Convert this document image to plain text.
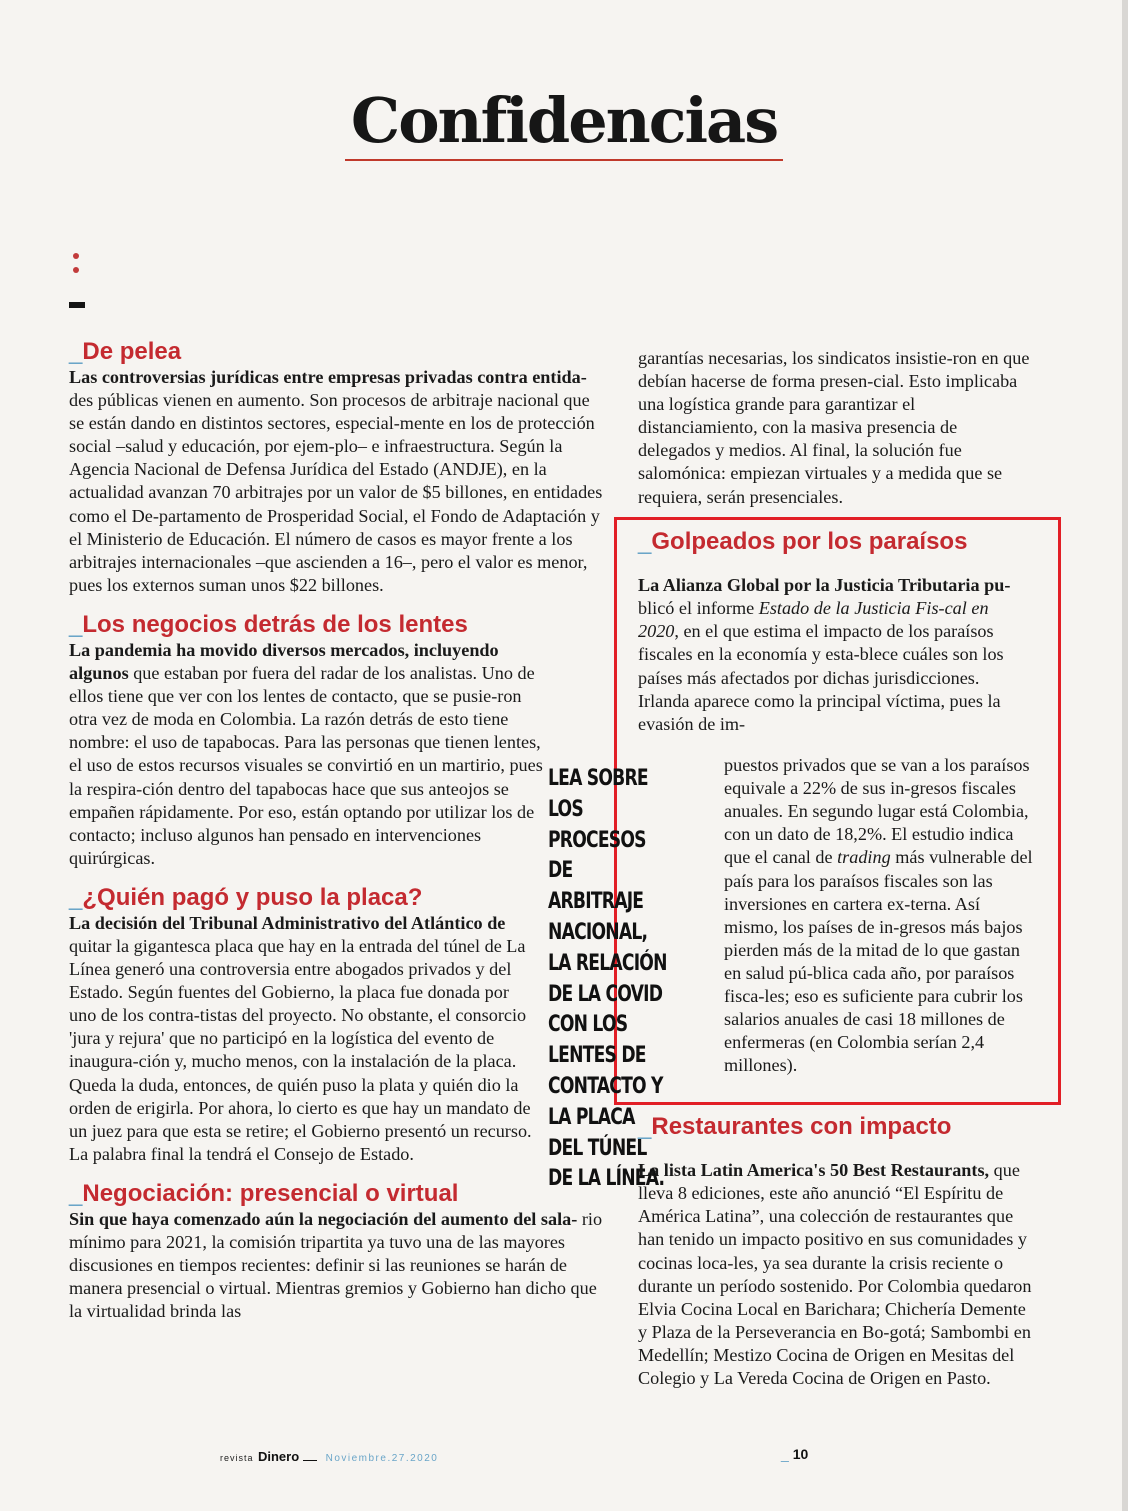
Confidencias
_De pelea

Las controversias jurídicas entre empresas privadas contra entida- des públicas vienen en aumento. Son procesos de arbitraje nacional que se están dando en distintos sectores, especial-mente en los de protección social –salud y educación, por ejem-plo– e infraestructura. Según la Agencia Nacional de Defensa Jurídica del Estado (ANDJE), en la actualidad avanzan 70 arbitrajes por un valor de $5 billones, en entidades como el De-partamento de Prosperidad Social, el Fondo de Adaptación y el Ministerio de Educación. El número de casos es mayor frente a los arbitrajes internacionales –que ascienden a 16–, pero el valor es menor, pues los externos suman unos $22 billones.

_Los negocios detrás de los lentes

La pandemia ha movido diversos mercados, incluyendo algunos que estaban por fuera del radar de los analistas. Uno de ellos tiene que ver con los lentes de contacto, que se pusie-ron otra vez de moda en Colombia. La razón detrás de esto tiene nombre: el uso de tapabocas. Para las personas que tienen lentes, el uso de estos recursos visuales se convirtió en un martirio, pues la respira-ción dentro del tapabocas hace que sus anteojos se empañen rápidamente. Por eso, están optando por utilizar los de contacto; incluso algunos han pensado en intervenciones quirúrgicas.

_¿Quién pagó y puso la placa?

La decisión del Tribunal Administrativo del Atlántico de quitar la gigantesca placa que hay en la entrada del túnel de La Línea generó una controversia entre abogados privados y del Estado. Según fuentes del Gobierno, la placa fue donada por uno de los contra-tistas del proyecto. No obstante, el consorcio 'jura y rejura' que no participó en la logística del evento de inaugura-ción y, mucho menos, con la instalación de la placa. Queda la duda, entonces, de quién puso la plata y quién dio la orden de erigirla. Por ahora, lo cierto es que hay un mandato de un juez para que esta se retire; el Gobierno presentó un recurso. La palabra final la tendrá el Consejo de Estado.

_Negociación: presencial o virtual

Sin que haya comenzado aún la negociación del aumento del sala- rio mínimo para 2021, la comisión tripartita ya tuvo una de las mayores discusiones en tiempos recientes: definir si las reuniones se harán de manera presencial o virtual. Mientras gremios y Gobierno han dicho que la virtualidad brinda las

garantías necesarias, los sindicatos insistie-ron en que debían hacerse de forma presen-cial. Esto implicaba una logística grande para garantizar el distanciamiento, con la masiva presencia de delegados y medios. Al final, la solución fue salomónica: empiezan virtuales y a medida que se requiera, serán presenciales.

_Golpeados por los paraísos

La Alianza Global por la Justicia Tributaria pu- blicó el informe Estado de la Justicia Fis-cal en 2020, en el que estima el impacto de los paraísos fiscales en la economía y esta-blece cuáles son los países más afectados por dichas jurisdicciones. Irlanda aparece como la principal víctima, pues la evasión de im-

puestos privados que se van a los paraísos equivale a 22% de sus in-gresos fiscales anuales. En segundo lugar está Colombia, con un dato de 18,2%. El estudio indica que el canal de trading más vulnerable del país para los paraísos fiscales son las inversiones en cartera ex-terna. Así mismo, los países de in-gresos más bajos pierden más de la mitad de lo que gastan en salud pú-blica cada año, por paraísos fisca-les; eso es suficiente para cubrir los salarios anuales de casi 18 millones de enfermeras (en Colombia serían 2,4 millones).

LEA SOBRE LOS PROCESOS DE ARBITRAJE NACIONAL, LA RELACIÓN DE LA COVID CON LOS LENTES DE CONTACTO Y LA PLACA DEL TÚNEL DE LA LÍNEA.
_Restaurantes con impacto

La lista Latin America's 50 Best Restaurants, que lleva 8 ediciones, este año anunció “El Espíritu de América Latina”, una colección de restaurantes que han tenido un impacto positivo en sus comunidades y cocinas loca-les, ya sea durante la crisis reciente o durante un período sostenido. Por Colombia quedaron Elvia Cocina Local en Barichara; Chichería Demente y Plaza de la Perseverancia en Bo-gotá; Sambombi en Medellín; Mestizo Cocina de Origen en Mesitas del Colegio y La Vereda Cocina de Origen en Pasto.

revista Dinero	Noviembre.27.2020	_ 10
